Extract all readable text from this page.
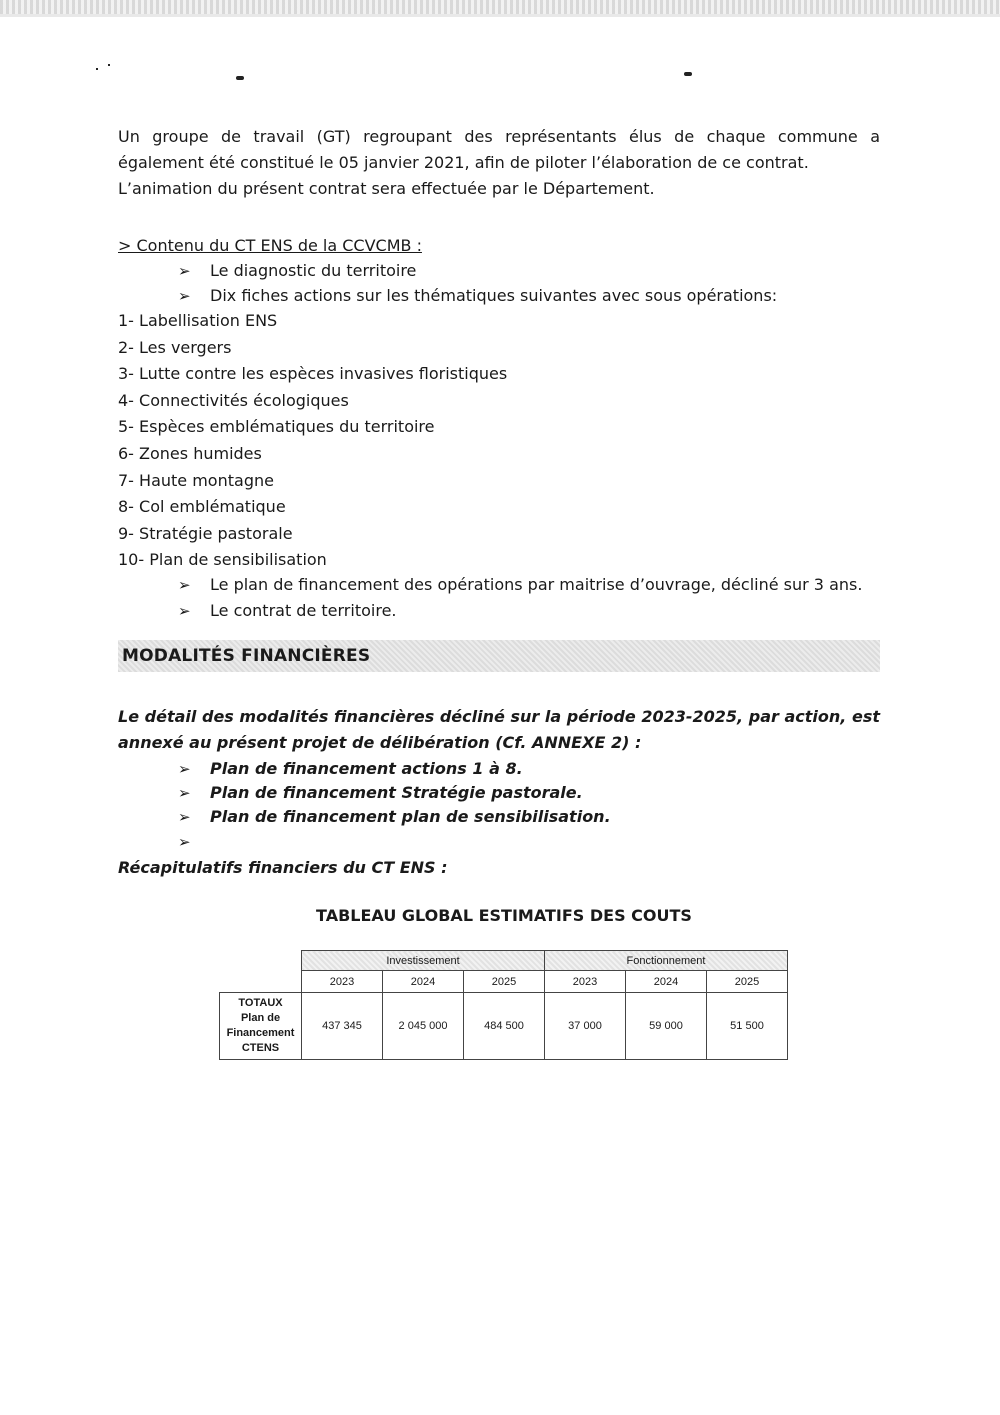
Un groupe de travail (GT) regroupant des représentants élus de chaque commune a également été constitué le 05 janvier 2021, afin de piloter l’élaboration de ce contrat.

L’animation du présent contrat sera effectuée par le Département.
> Contenu du CT ENS de la CCVCMB :
➢ Le diagnostic du territoire
➢ Dix fiches actions sur les thématiques suivantes avec sous opérations:
1- Labellisation ENS
2- Les vergers
3- Lutte contre les espèces invasives floristiques
4- Connectivités écologiques
5- Espèces emblématiques du territoire
6- Zones humides
7- Haute montagne
8- Col emblématique
9- Stratégie pastorale
10- Plan de sensibilisation
➢ Le plan de financement des opérations par maitrise d’ouvrage, décliné sur 3 ans.
➢ Le contrat de territoire.
MODALITÉS FINANCIÈRES

Le détail des modalités financières décliné sur la période 2023-2025, par action, est annexé au présent projet de délibération (Cf. ANNEXE 2) :

➢ Plan de financement actions 1 à 8.
➢ Plan de financement Stratégie pastorale.
➢ Plan de financement plan de sensibilisation.
➢
Récapitulatifs financiers du CT ENS :
TABLEAU GLOBAL ESTIMATIFS DES COUTS
	Investissement			Fonctionnement		
	2023	2024	2025	2023	2024	2025

TOTAUX
Plan de
Financement
CTENS	437 345	2 045 000	484 500	37 000	59 000	51 500
